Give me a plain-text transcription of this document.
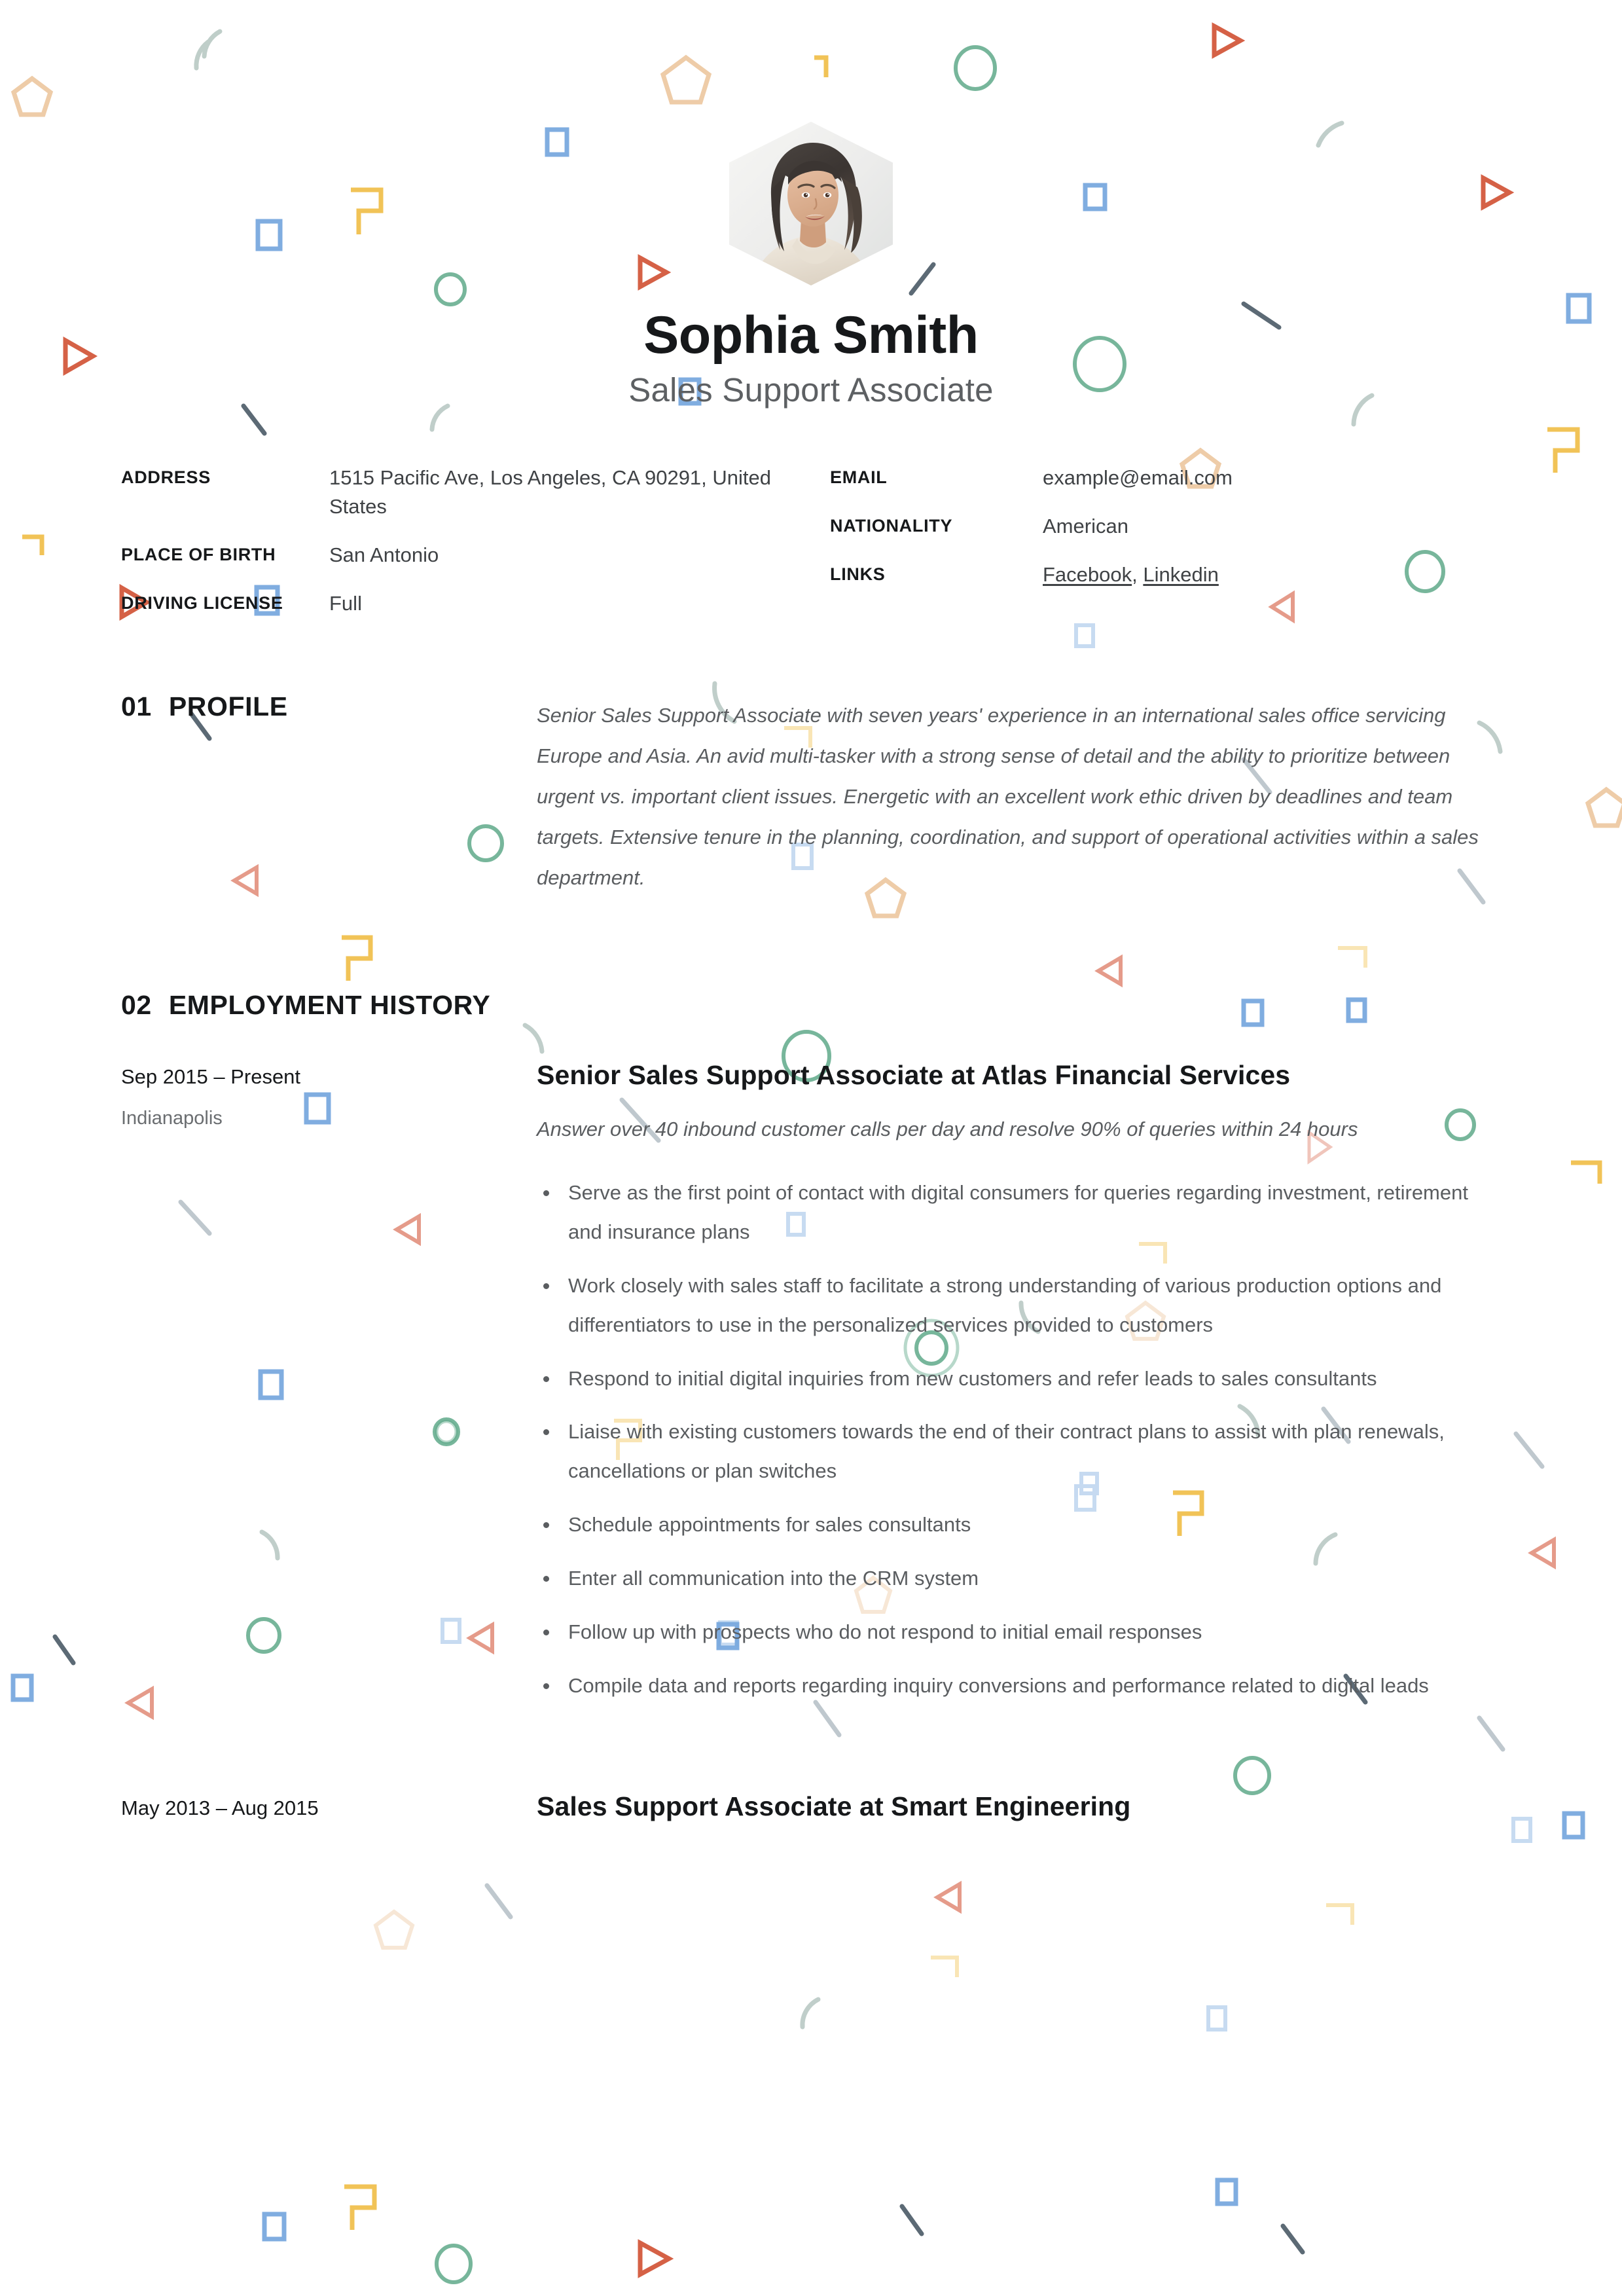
Sophia Smith
Sales Support Associate
ADDRESS	1515 Pacific Ave, Los Angeles, CA 90291, United States
PLACE OF BIRTH	San Antonio
DRIVING LICENSE	Full
EMAIL	example@email.com
NATIONALITY	American
LINKS	Facebook, Linkedin
01 PROFILE	Senior Sales Support Associate with seven years' experience in an international sales office servicing Europe and Asia. An avid multi-tasker with a strong sense of detail and the ability to prioritize between urgent vs. important client issues. Energetic with an excellent work ethic driven by deadlines and team targets. Extensive tenure in the planning, coordination, and support of operational activities within a sales department.

02 EMPLOYMENT HISTORY
Sep 2015 – Present
Indianapolis
Senior Sales Support Associate at Atlas Financial Services

Answer over 40 inbound customer calls per day and resolve 90% of queries within 24 hours

Serve as the first point of contact with digital consumers for queries regarding investment, retirement and insurance plans
Work closely with sales staff to facilitate a strong understanding of various production options and differentiators to use in the personalized services provided to customers
Respond to initial digital inquiries from new customers and refer leads to sales consultants
Liaise with existing customers towards the end of their contract plans to assist with plan renewals, cancellations or plan switches
Schedule appointments for sales consultants
Enter all communication into the CRM system
Follow up with prospects who do not respond to initial email responses
Compile data and reports regarding inquiry conversions and performance related to digital leads
May 2013 – Aug 2015	Sales Support Associate at Smart Engineering
